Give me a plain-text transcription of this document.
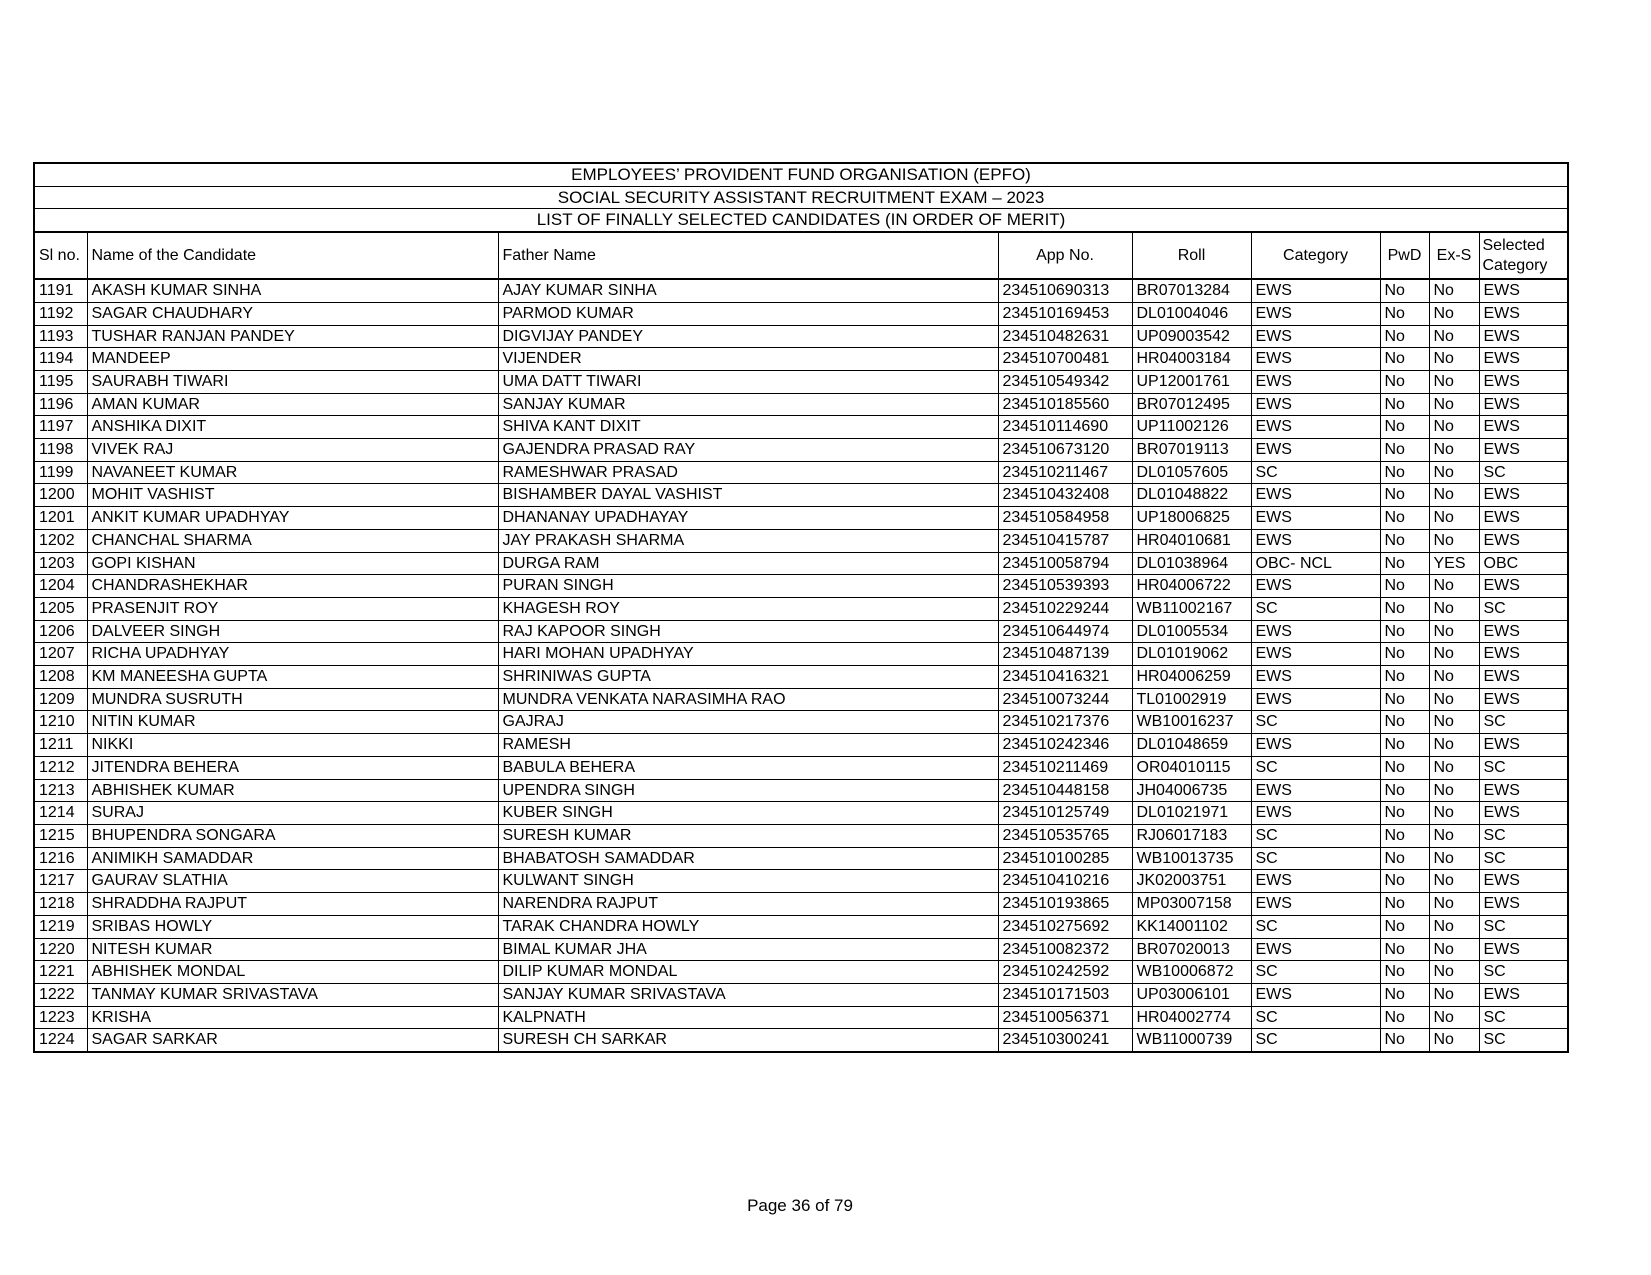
EMPLOYEES’ PROVIDENT FUND ORGANISATION (EPFO)								
SOCIAL SECURITY ASSISTANT RECRUITMENT EXAM – 2023								
LIST OF FINALLY SELECTED CANDIDATES (IN ORDER OF MERIT)								
Sl no.	Name of the Candidate	Father Name	App No.	Roll	Category	PwD	Ex-S	Selected Category
1191	AKASH KUMAR SINHA	AJAY KUMAR SINHA	234510690313	BR07013284	EWS	No	No	EWS
1192	SAGAR CHAUDHARY	PARMOD KUMAR	234510169453	DL01004046	EWS	No	No	EWS
1193	TUSHAR RANJAN PANDEY	DIGVIJAY PANDEY	234510482631	UP09003542	EWS	No	No	EWS
1194	MANDEEP	VIJENDER	234510700481	HR04003184	EWS	No	No	EWS
1195	SAURABH TIWARI	UMA DATT TIWARI	234510549342	UP12001761	EWS	No	No	EWS
1196	AMAN KUMAR	SANJAY KUMAR	234510185560	BR07012495	EWS	No	No	EWS
1197	ANSHIKA DIXIT	SHIVA KANT DIXIT	234510114690	UP11002126	EWS	No	No	EWS
1198	VIVEK RAJ	GAJENDRA PRASAD RAY	234510673120	BR07019113	EWS	No	No	EWS
1199	NAVANEET KUMAR	RAMESHWAR PRASAD	234510211467	DL01057605	SC	No	No	SC
1200	MOHIT VASHIST	BISHAMBER DAYAL VASHIST	234510432408	DL01048822	EWS	No	No	EWS
1201	ANKIT KUMAR UPADHYAY	DHANANAY UPADHAYAY	234510584958	UP18006825	EWS	No	No	EWS
1202	CHANCHAL SHARMA	JAY PRAKASH SHARMA	234510415787	HR04010681	EWS	No	No	EWS
1203	GOPI KISHAN	DURGA RAM	234510058794	DL01038964	OBC- NCL	No	YES	OBC
1204	CHANDRASHEKHAR	PURAN SINGH	234510539393	HR04006722	EWS	No	No	EWS
1205	PRASENJIT ROY	KHAGESH ROY	234510229244	WB11002167	SC	No	No	SC
1206	DALVEER SINGH	RAJ KAPOOR SINGH	234510644974	DL01005534	EWS	No	No	EWS
1207	RICHA UPADHYAY	HARI MOHAN UPADHYAY	234510487139	DL01019062	EWS	No	No	EWS
1208	KM MANEESHA GUPTA	SHRINIWAS GUPTA	234510416321	HR04006259	EWS	No	No	EWS
1209	MUNDRA SUSRUTH	MUNDRA VENKATA NARASIMHA RAO	234510073244	TL01002919	EWS	No	No	EWS
1210	NITIN KUMAR	GAJRAJ	234510217376	WB10016237	SC	No	No	SC
1211	NIKKI	RAMESH	234510242346	DL01048659	EWS	No	No	EWS
1212	JITENDRA BEHERA	BABULA BEHERA	234510211469	OR04010115	SC	No	No	SC
1213	ABHISHEK KUMAR	UPENDRA SINGH	234510448158	JH04006735	EWS	No	No	EWS
1214	SURAJ	KUBER SINGH	234510125749	DL01021971	EWS	No	No	EWS
1215	BHUPENDRA SONGARA	SURESH KUMAR	234510535765	RJ06017183	SC	No	No	SC
1216	ANIMIKH SAMADDAR	BHABATOSH SAMADDAR	234510100285	WB10013735	SC	No	No	SC
1217	GAURAV SLATHIA	KULWANT SINGH	234510410216	JK02003751	EWS	No	No	EWS
1218	SHRADDHA RAJPUT	NARENDRA RAJPUT	234510193865	MP03007158	EWS	No	No	EWS
1219	SRIBAS HOWLY	TARAK CHANDRA HOWLY	234510275692	KK14001102	SC	No	No	SC
1220	NITESH KUMAR	BIMAL KUMAR JHA	234510082372	BR07020013	EWS	No	No	EWS
1221	ABHISHEK MONDAL	DILIP KUMAR MONDAL	234510242592	WB10006872	SC	No	No	SC
1222	TANMAY KUMAR SRIVASTAVA	SANJAY KUMAR SRIVASTAVA	234510171503	UP03006101	EWS	No	No	EWS
1223	KRISHA	KALPNATH	234510056371	HR04002774	SC	No	No	SC
1224	SAGAR SARKAR	SURESH CH SARKAR	234510300241	WB11000739	SC	No	No	SC
Page 36 of 79
